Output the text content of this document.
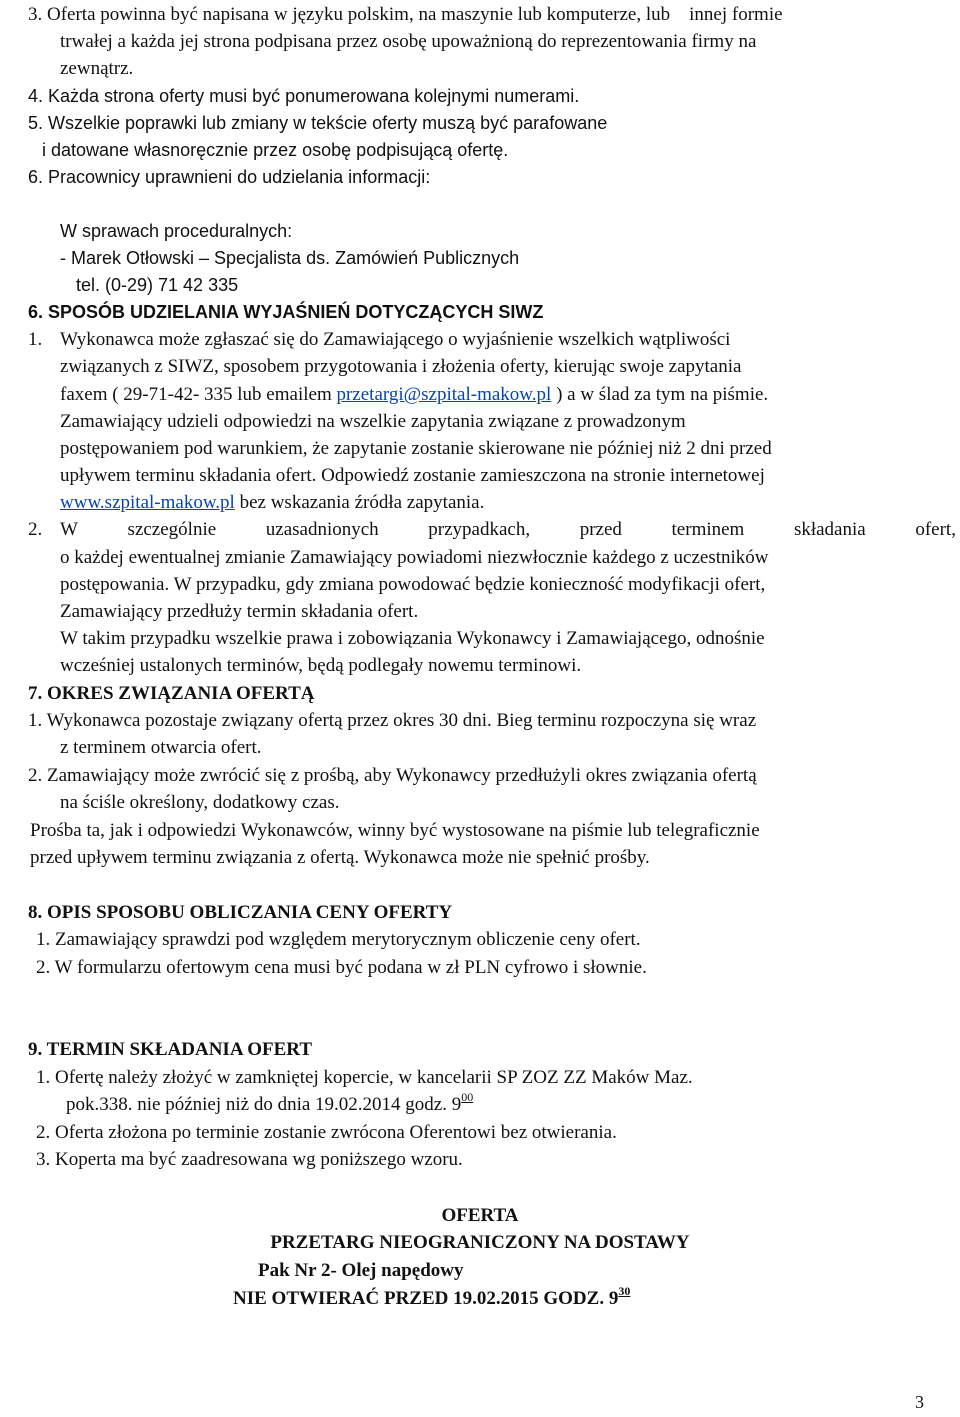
3. Oferta powinna być napisana w języku polskim, na maszynie lub komputerze, lub innej formie
trwałej a każda jej strona podpisana przez osobę upoważnioną do reprezentowania firmy na
zewnątrz.
4. Każda strona oferty musi być ponumerowana kolejnymi numerami.
5. Wszelkie poprawki lub zmiany w tekście oferty muszą być parafowane
i datowane własnoręcznie przez osobę podpisującą ofertę.
6. Pracownicy uprawnieni do udzielania informacji:
W sprawach proceduralnych:
- Marek Otłowski – Specjalista ds. Zamówień Publicznych
tel. (0-29) 71 42 335
6. SPOSÓB UDZIELANIA WYJAŚNIEŃ DOTYCZĄCYCH SIWZ
1. Wykonawca może zgłaszać się do Zamawiającego o wyjaśnienie wszelkich wątpliwości
związanych z SIWZ, sposobem przygotowania i złożenia oferty, kierując swoje zapytania
faxem ( 29-71-42- 335 lub emailem przetargi@szpital-makow.pl ) a w ślad za tym na piśmie.
Zamawiający udzieli odpowiedzi na wszelkie zapytania związane z prowadzonym
postępowaniem pod warunkiem, że zapytanie zostanie skierowane nie później niż 2 dni przed
upływem terminu składania ofert. Odpowiedź zostanie zamieszczona na stronie internetowej
www.szpital-makow.pl bez wskazania źródła zapytania.
2. W	szczególnie	uzasadnionych	przypadkach,	przed	terminem	składania	ofert,
o każdej ewentualnej zmianie Zamawiający powiadomi niezwłocznie każdego z uczestników
postępowania. W przypadku, gdy zmiana powodować będzie konieczność modyfikacji ofert,
Zamawiający przedłuży termin składania ofert.
W takim przypadku wszelkie prawa i zobowiązania Wykonawcy i Zamawiającego, odnośnie
wcześniej ustalonych terminów, będą podlegały nowemu terminowi.
7. OKRES ZWIĄZANIA OFERTĄ
1. Wykonawca pozostaje związany ofertą przez okres 30 dni. Bieg terminu rozpoczyna się wraz
z terminem otwarcia ofert.
2. Zamawiający może zwrócić się z prośbą, aby Wykonawcy przedłużyli okres związania ofertą
na ściśle określony, dodatkowy czas.
Prośba ta, jak i odpowiedzi Wykonawców, winny być wystosowane na piśmie lub telegraficznie
przed upływem terminu związania z ofertą. Wykonawca może nie spełnić prośby.
8. OPIS SPOSOBU OBLICZANIA CENY OFERTY
1. Zamawiający sprawdzi pod względem merytorycznym obliczenie ceny ofert.
2. W formularzu ofertowym cena musi być podana w zł PLN cyfrowo i słownie.
9. TERMIN SKŁADANIA OFERT
1. Ofertę należy złożyć w zamkniętej kopercie, w kancelarii SP ZOZ ZZ Maków Maz.
pok.338. nie później niż do dnia 19.02.2014 godz. $9^{00}$
2. Oferta złożona po terminie zostanie zwrócona Oferentowi bez otwierania.
3. Koperta ma być zaadresowana wg poniższego wzoru.
OFERTA
PRZETARG NIEOGRANICZONY NA DOSTAWY
Pak Nr 2- Olej napędowy
NIE OTWIERAĆ PRZED 19.02.2015 GODZ. $9^{30}$
3
